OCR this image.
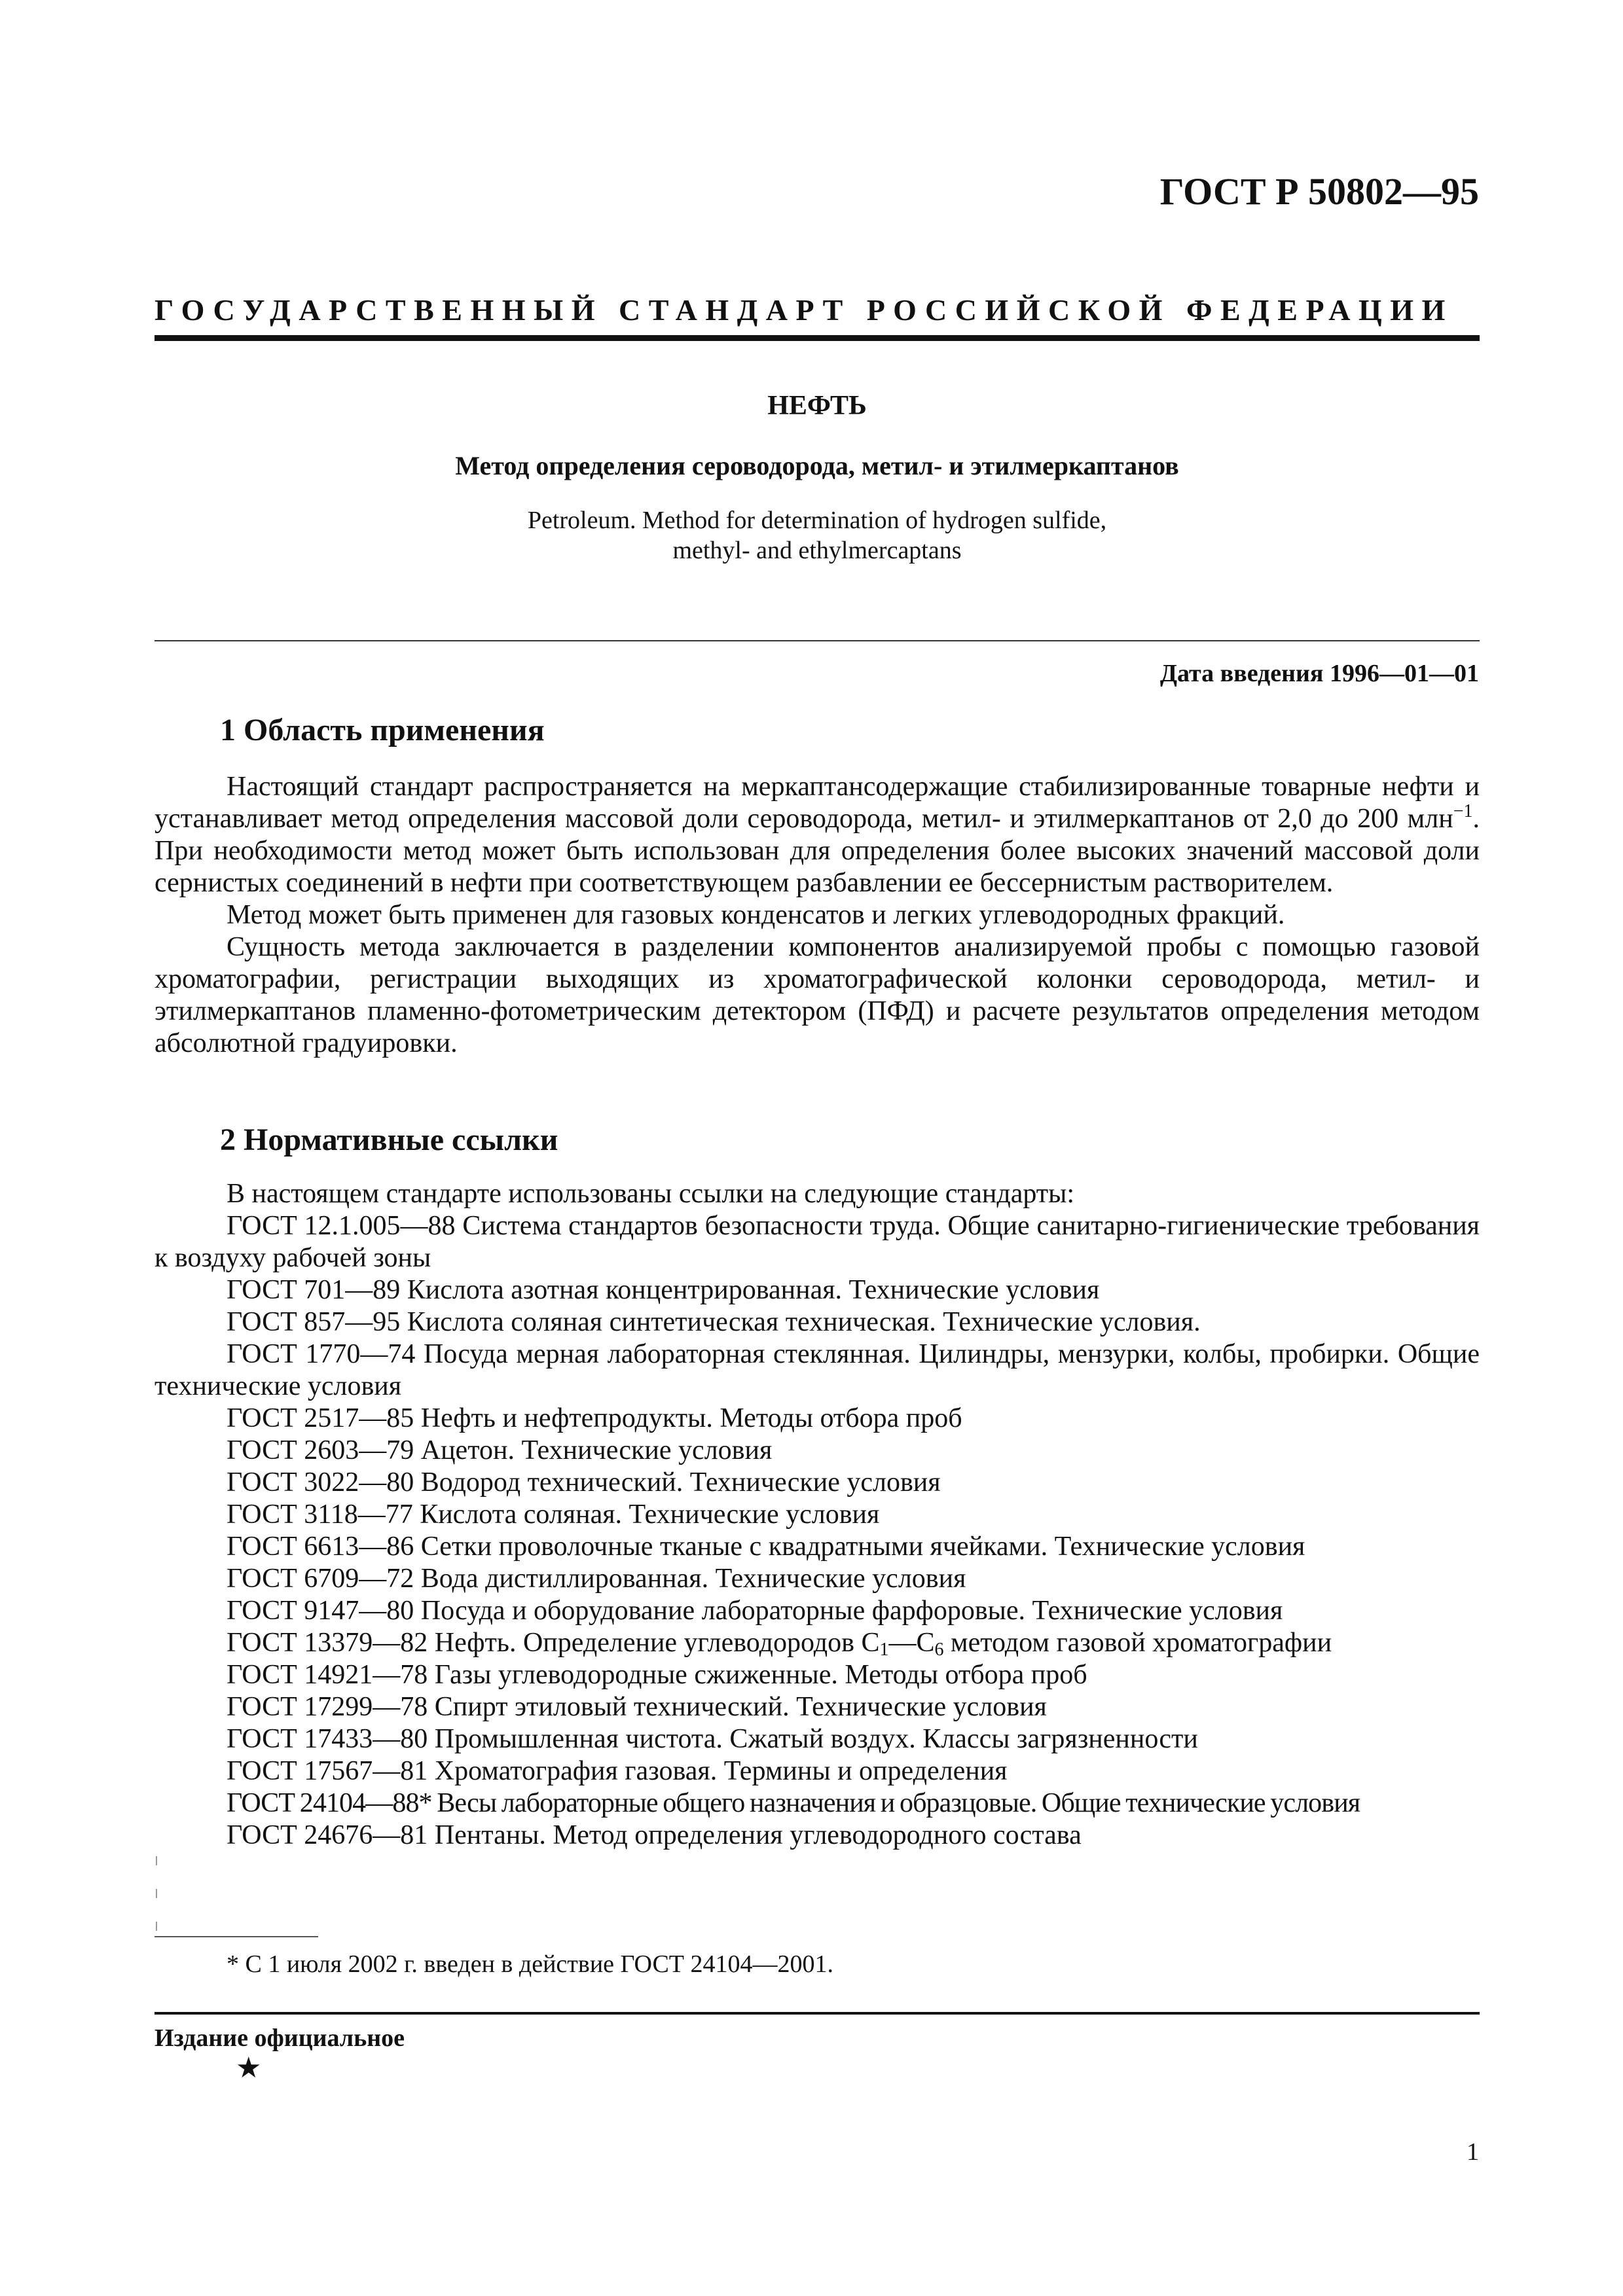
ГОСТ Р 50802—95
ГОСУДАРСТВЕННЫЙ СТАНДАРТ РОССИЙСКОЙ ФЕДЕРАЦИИ
НЕФТЬ
Метод определения сероводорода, метил- и этилмеркаптанов
Petroleum. Method for determination of hydrogen sulfide,
methyl- and ethylmercaptans
Дата введения 1996—01—01
1 Область применения

Настоящий стандарт распространяется на меркаптансодержащие стабилизированные товарные нефти и устанавливает метод определения массовой доли сероводорода, метил- и этилмеркаптанов от 2,0 до 200 млн$^{-1}$. При необходимости метод может быть использован для определения более высоких значений массовой доли сернистых соединений в нефти при соответствующем разбавлении ее бессернистым растворителем.

Метод может быть применен для газовых конденсатов и легких углеводородных фракций.

Сущность метода заключается в разделении компонентов анализируемой пробы с помощью газовой хроматографии, регистрации выходящих из хроматографической колонки сероводорода, метил- и этилмеркаптанов пламенно-фотометрическим детектором (ПФД) и расчете результатов определения методом абсолютной градуировки.

2 Нормативные ссылки

В настоящем стандарте использованы ссылки на следующие стандарты:

ГОСТ 12.1.005—88 Система стандартов безопасности труда. Общие санитарно-гигиенические требования к воздуху рабочей зоны
ГОСТ 701—89 Кислота азотная концентрированная. Технические условия
ГОСТ 857—95 Кислота соляная синтетическая техническая. Технические условия.
ГОСТ 1770—74 Посуда мерная лабораторная стеклянная. Цилиндры, мензурки, колбы, пробирки. Общие технические условия
ГОСТ 2517—85 Нефть и нефтепродукты. Методы отбора проб
ГОСТ 2603—79 Ацетон. Технические условия
ГОСТ 3022—80 Водород технический. Технические условия
ГОСТ 3118—77 Кислота соляная. Технические условия
ГОСТ 6613—86 Сетки проволочные тканые с квадратными ячейками. Технические условия
ГОСТ 6709—72 Вода дистиллированная. Технические условия
ГОСТ 9147—80 Посуда и оборудование лабораторные фарфоровые. Технические условия
ГОСТ 13379—82 Нефть. Определение углеводородов $С_1—С_6$ методом газовой хроматографии
ГОСТ 14921—78 Газы углеводородные сжиженные. Методы отбора проб
ГОСТ 17299—78 Спирт этиловый технический. Технические условия
ГОСТ 17433—80 Промышленная чистота. Сжатый воздух. Классы загрязненности
ГОСТ 17567—81 Хроматография газовая. Термины и определения
ГОСТ 24104—88* Весы лабораторные общего назначения и образцовые. Общие технические условия
ГОСТ 24676—81 Пентаны. Метод определения углеводородного состава
* С 1 июля 2002 г. введен в действие ГОСТ 24104—2001.
Издание официальное
★
1
